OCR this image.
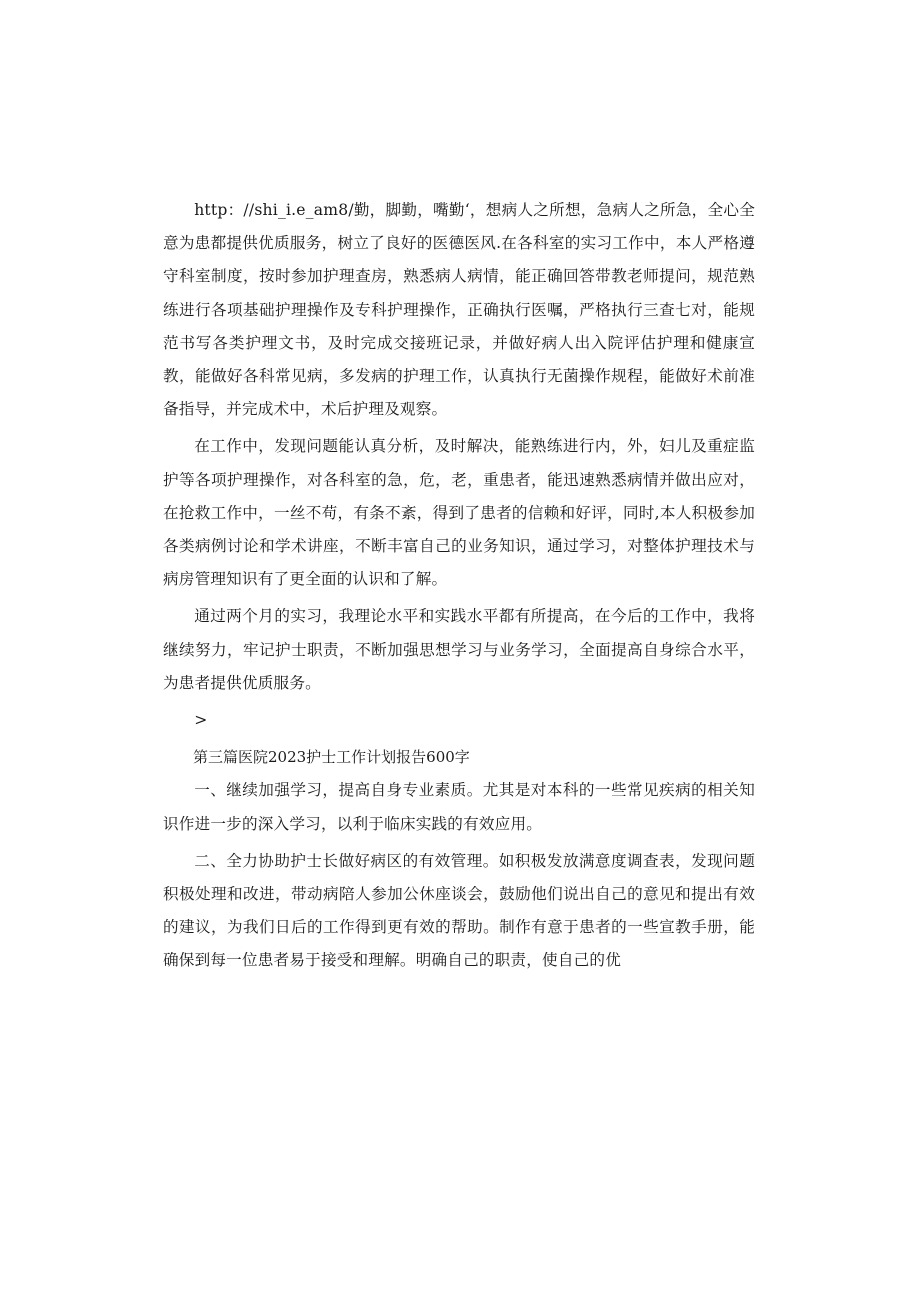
http：//shi_i.e_am8/勤，脚勤，嘴勤‘，想病人之所想，急病人之所急，全心全意为患都提供优质服务，树立了良好的医德医风.在各科室的实习工作中，本人严格遵守科室制度，按时参加护理查房，熟悉病人病情，能正确回答带教老师提问，规范熟练进行各项基础护理操作及专科护理操作，正确执行医嘱，严格执行三查七对，能规范书写各类护理文书，及时完成交接班记录，并做好病人出入院评估护理和健康宣教，能做好各科常见病，多发病的护理工作，认真执行无菌操作规程，能做好术前准备指导，并完成术中，术后护理及观察。

在工作中，发现问题能认真分析，及时解决，能熟练进行内，外，妇儿及重症监护等各项护理操作，对各科室的急，危，老，重患者，能迅速熟悉病情并做出应对，在抢救工作中，一丝不苟，有条不紊，得到了患者的信赖和好评，同时,本人积极参加各类病例讨论和学术讲座，不断丰富自己的业务知识，通过学习，对整体护理技术与病房管理知识有了更全面的认识和了解。

通过两个月的实习，我理论水平和实践水平都有所提高，在今后的工作中，我将继续努力，牢记护士职责，不断加强思想学习与业务学习，全面提高自身综合水平，为患者提供优质服务。

>

第三篇医院2023护士工作计划报告600字

一、继续加强学习，提高自身专业素质。尤其是对本科的一些常见疾病的相关知识作进一步的深入学习，以利于临床实践的有效应用。

二、全力协助护士长做好病区的有效管理。如积极发放满意度调查表，发现问题积极处理和改进，带动病陪人参加公休座谈会，鼓励他们说出自己的意见和提出有效的建议，为我们日后的工作得到更有效的帮助。制作有意于患者的一些宣教手册，能确保到每一位患者易于接受和理解。明确自己的职责，使自己的优
